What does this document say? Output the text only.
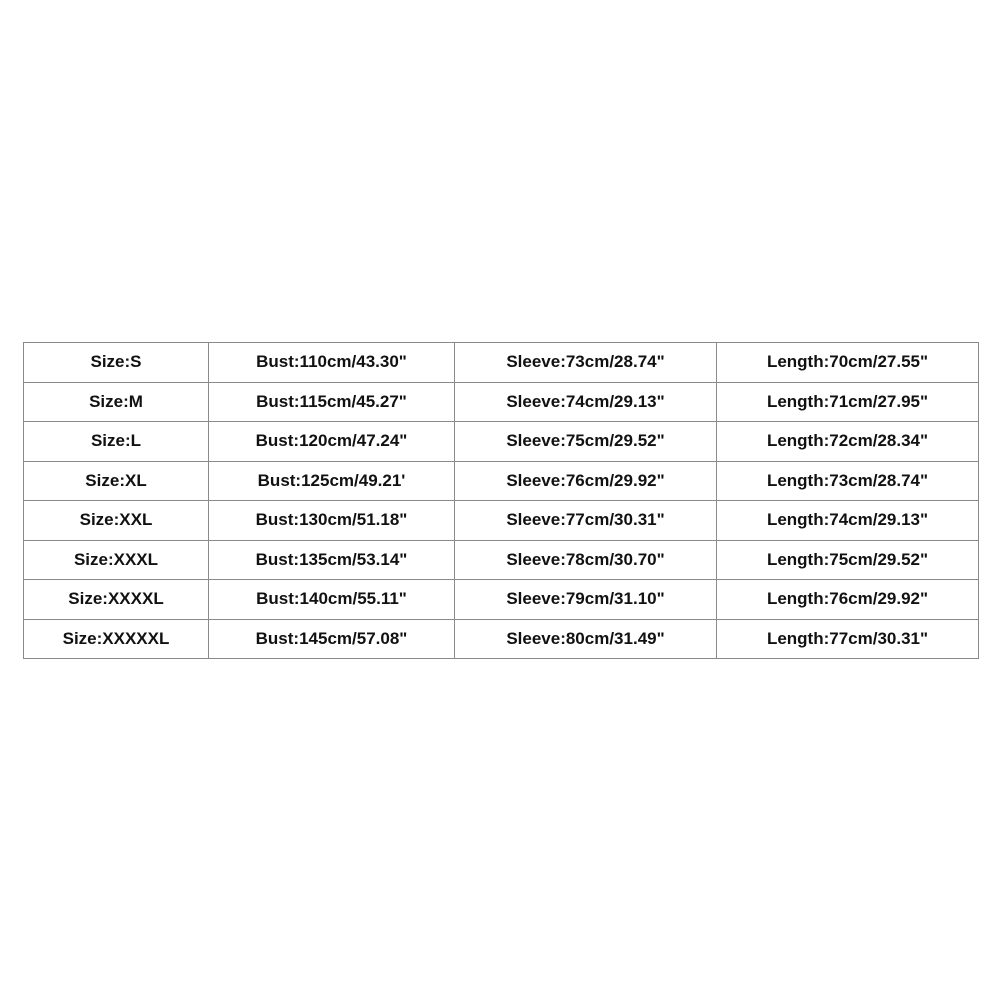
Size:S	Bust:110cm/43.30"	Sleeve:73cm/28.74"	Length:70cm/27.55"
Size:M	Bust:115cm/45.27"	Sleeve:74cm/29.13"	Length:71cm/27.95"
Size:L	Bust:120cm/47.24"	Sleeve:75cm/29.52"	Length:72cm/28.34"
Size:XL	Bust:125cm/49.21'	Sleeve:76cm/29.92"	Length:73cm/28.74"
Size:XXL	Bust:130cm/51.18"	Sleeve:77cm/30.31"	Length:74cm/29.13"
Size:XXXL	Bust:135cm/53.14"	Sleeve:78cm/30.70"	Length:75cm/29.52"
Size:XXXXL	Bust:140cm/55.11"	Sleeve:79cm/31.10"	Length:76cm/29.92"
Size:XXXXXL	Bust:145cm/57.08"	Sleeve:80cm/31.49"	Length:77cm/30.31"
